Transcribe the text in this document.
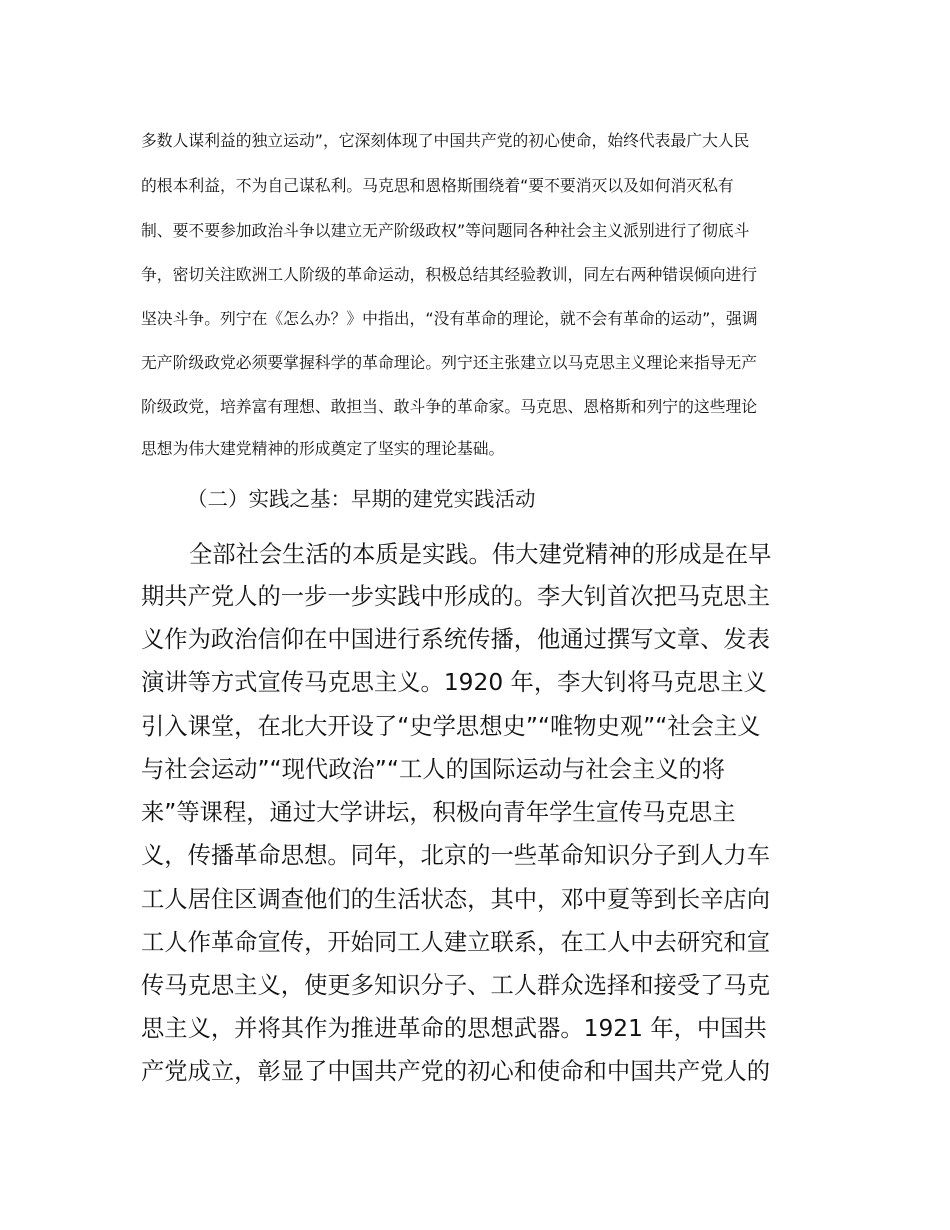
多数人谋利益的独立运动”，它深刻体现了中国共产党的初心使命，始终代表最广大人民

的根本利益，不为自己谋私利。马克思和恩格斯围绕着“要不要消灭以及如何消灭私有

制、要不要参加政治斗争以建立无产阶级政权”等问题同各种社会主义派别进行了彻底斗

争，密切关注欧洲工人阶级的革命运动，积极总结其经验教训，同左右两种错误倾向进行

坚决斗争。列宁在《怎么办？》中指出，“没有革命的理论，就不会有革命的运动”，强调

无产阶级政党必须要掌握科学的革命理论。列宁还主张建立以马克思主义理论来指导无产

阶级政党，培养富有理想、敢担当、敢斗争的革命家。马克思、恩格斯和列宁的这些理论

思想为伟大建党精神的形成奠定了坚实的理论基础。

（二）实践之基：早期的建党实践活动

全部社会生活的本质是实践。伟大建党精神的形成是在早

期共产党人的一步一步实践中形成的。李大钊首次把马克思主

义作为政治信仰在中国进行系统传播，他通过撰写文章、发表

演讲等方式宣传马克思主义。1920 年，李大钊将马克思主义

引入课堂，在北大开设了“史学思想史”“唯物史观”“社会主义

与社会运动”“现代政治”“工人的国际运动与社会主义的将

来”等课程，通过大学讲坛，积极向青年学生宣传马克思主

义，传播革命思想。同年，北京的一些革命知识分子到人力车

工人居住区调查他们的生活状态，其中，邓中夏等到长辛店向

工人作革命宣传，开始同工人建立联系，在工人中去研究和宣

传马克思主义，使更多知识分子、工人群众选择和接受了马克

思主义，并将其作为推进革命的思想武器。1921 年，中国共

产党成立，彰显了中国共产党的初心和使命和中国共产党人的
